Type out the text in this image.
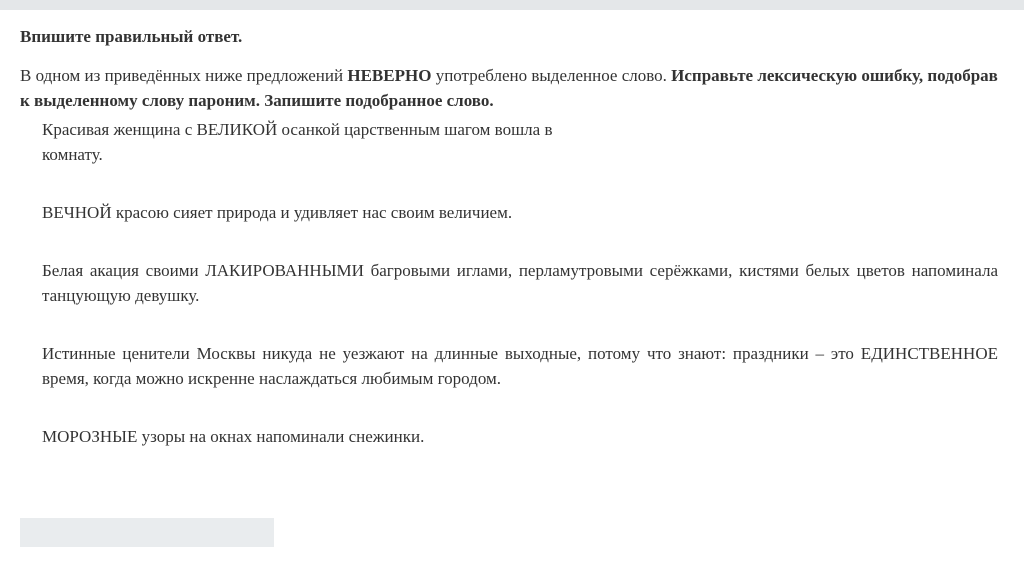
Впишите правильный ответ.

В одном из приведённых ниже предложений НЕВЕРНО употреблено выделенное слово. Исправьте лексическую ошибку, подобрав
к выделенному слову пароним. Запишите подобранное слово.

Красивая женщина с ВЕЛИКОЙ осанкой царственным шагом вошла в комнату.

ВЕЧНОЙ красою сияет природа и удивляет нас своим величием.

Белая акация своими ЛАКИРОВАННЫМИ багровыми иглами, перламутровыми серёжками, кистями белых цветов напоминала танцующую девушку.

Истинные ценители Москвы никуда не уезжают на длинные выходные, потому что знают: праздники – это ЕДИНСТВЕННОЕ время, когда можно искренне наслаждаться любимым городом.

МОРОЗНЫЕ узоры на окнах напоминали снежинки.
